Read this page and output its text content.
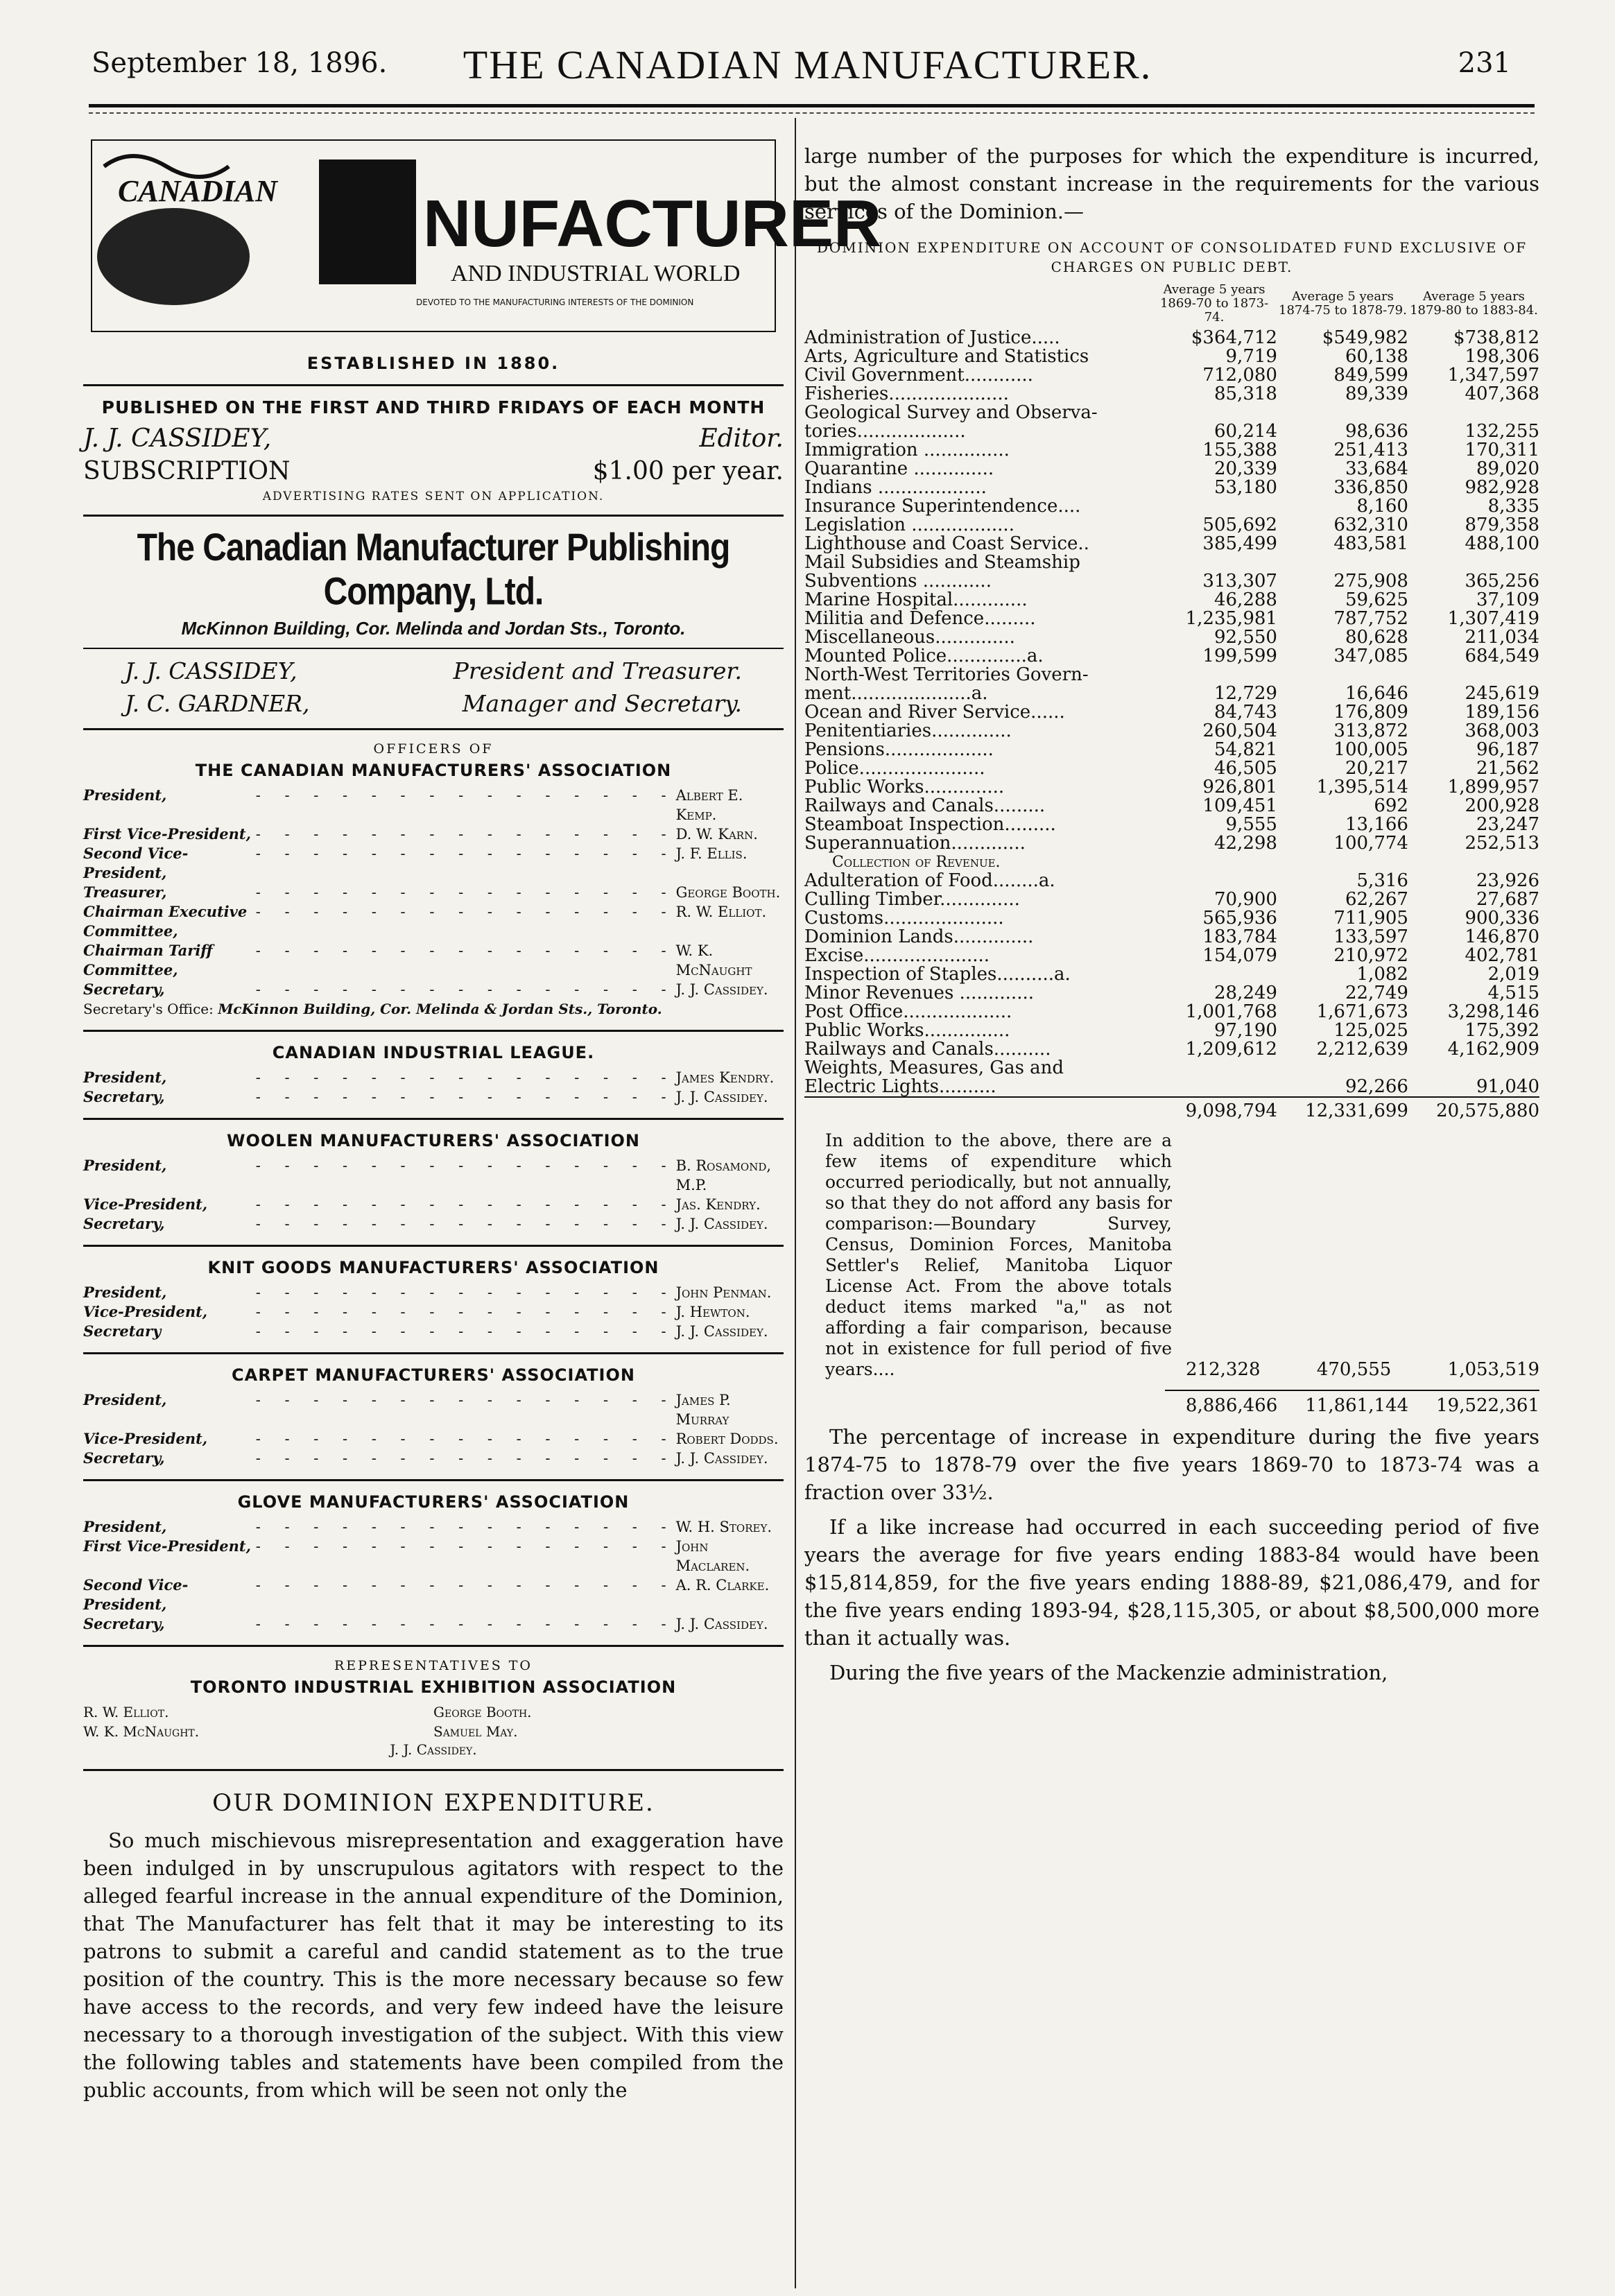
September 18, 1896.	THE CANADIAN MANUFACTURER.	231
CANADIAN NUFACTURER
AND INDUSTRIAL WORLD
DEVOTED TO THE MANUFACTURING INTERESTS OF THE DOMINION
ESTABLISHED IN 1880.
PUBLISHED ON THE FIRST AND THIRD FRIDAYS OF EACH MONTH
J. J. CASSIDEY,	Editor.
SUBSCRIPTION	$1.00 per year.
ADVERTISING RATES SENT ON APPLICATION.
The Canadian Manufacturer Publishing Company, Ltd.
McKinnon Building, Cor. Melinda and Jordan Sts., Toronto.
J. J. CASSIDEY,	President and Treasurer.
J. C. GARDNER,	Manager and Secretary.
OFFICERS OF
THE CANADIAN MANUFACTURERS' ASSOCIATION
President,	- - - - - - - - - - - - - - - Albert E. Kemp.
First Vice-President, - - - - - - - - - - - - - - - D. W. Karn.
Second Vice-President,
- - - - - - - - - - - - - - - J. F. Ellis.
Treasurer,	- - - - - - - - - - - - - - - George Booth.
Chairman Executive Committee,
- - - - - - - - - - - - - - - R. W. Elliot.
Chairman Tariff Committee,
- - - - - - - - - - - - - - - W. K. McNaught
Secretary,	- - - - - - - - - - - - - - - J. J. Cassidey.
Secretary's Office: McKinnon Building, Cor. Melinda & Jordan Sts., Toronto.
CANADIAN INDUSTRIAL LEAGUE.
President,	- - - - - - - - - - - - - - - James Kendry.
Secretary,	- - - - - - - - - - - - - - - J. J. Cassidey.
WOOLEN MANUFACTURERS' ASSOCIATION
President,	- - - - - - - - - - - - - - - B. Rosamond, M.P.
Vice-President,	- - - - - - - - - - - - - - - Jas. Kendry.
Secretary,	- - - - - - - - - - - - - - - J. J. Cassidey.
KNIT GOODS MANUFACTURERS' ASSOCIATION
President,	- - - - - - - - - - - - - - - John Penman.
Vice-President,	- - - - - - - - - - - - - - - J. Hewton.
Secretary	- - - - - - - - - - - - - - - J. J. Cassidey.
CARPET MANUFACTURERS' ASSOCIATION
President,	- - - - - - - - - - - - - - - James P. Murray
Vice-President,	- - - - - - - - - - - - - - - Robert Dodds.
Secretary,	- - - - - - - - - - - - - - - J. J. Cassidey.
GLOVE MANUFACTURERS' ASSOCIATION
President,	- - - - - - - - - - - - - - - W. H. Storey.
First Vice-President, - - - - - - - - - - - - - - - John Maclaren.
Second Vice-President,
- - - - - - - - - - - - - - - A. R. Clarke.
Secretary,	- - - - - - - - - - - - - - - J. J. Cassidey.
REPRESENTATIVES TO
TORONTO INDUSTRIAL EXHIBITION ASSOCIATION
R. W. Elliot.	George Booth.
W. K. McNaught.	Samuel May.
J. J. Cassidey.
OUR DOMINION EXPENDITURE.
So much mischievous misrepresentation and exaggeration have been indulged in by unscrupulous agitators with respect to the alleged fearful increase in the annual expenditure of the Dominion, that The Manufacturer has felt that it may be interesting to its patrons to submit a careful and candid statement as to the true position of the country. This is the more necessary because so few have access to the records, and very few indeed have the leisure necessary to a thorough investigation of the subject. With this view the following tables and statements have been compiled from the public accounts, from which will be seen not only the
large number of the purposes for which the expenditure is incurred, but the almost constant increase in the requirements for the various services of the Dominion.—
DOMINION EXPENDITURE ON ACCOUNT OF CONSOLIDATED FUND EXCLUSIVE OF CHARGES ON PUBLIC DEBT.
	Average 5 years 1869-70 to 1873-74.	Average 5 years 1874-75 to 1878-79.	Average 5 years 1879-80 to 1883-84.
Administration of Justice.....	$364,712	$549,982	$738,812
Arts, Agriculture and Statistics	9,719	60,138	198,306
Civil Government............	712,080	849,599	1,347,597
Fisheries.....................	85,318	89,339	407,368
Geological Survey and Observa-			
tories...................	60,214	98,636	132,255
Immigration ...............	155,388	251,413	170,311
Quarantine ..............	20,339	33,684	89,020
Indians ...................	53,180	336,850	982,928
Insurance Superintendence....		8,160	8,335
Legislation ..................	505,692	632,310	879,358
Lighthouse and Coast Service..	385,499	483,581	488,100
Mail Subsidies and Steamship			
Subventions ............	313,307	275,908	365,256
Marine Hospital.............	46,288	59,625	37,109
Militia and Defence.........	1,235,981	787,752	1,307,419
Miscellaneous..............	92,550	80,628	211,034
Mounted Police..............a.	199,599	347,085	684,549
North-West Territories Govern-			
ment.....................a.	12,729	16,646	245,619
Ocean and River Service......	84,743	176,809	189,156
Penitentiaries..............	260,504	313,872	368,003
Pensions...................	54,821	100,005	96,187
Police......................	46,505	20,217	21,562
Public Works..............	926,801	1,395,514	1,899,957
Railways and Canals.........	109,451	692	200,928
Steamboat Inspection.........	9,555	13,166	23,247
Superannuation.............	42,298	100,774	252,513
Collection of Revenue.			
Adulteration of Food........a.		5,316	23,926
Culling Timber..............	70,900	62,267	27,687
Customs.....................	565,936	711,905	900,336
Dominion Lands..............	183,784	133,597	146,870
Excise......................	154,079	210,972	402,781
Inspection of Staples..........a.		1,082	2,019
Minor Revenues .............	28,249	22,749	4,515
Post Office...................	1,001,768	1,671,673	3,298,146
Public Works...............	97,190	125,025	175,392
Railways and Canals..........	1,209,612	2,212,639	4,162,909
Weights, Measures, Gas and			
Electric Lights..........		92,266	91,040
	9,098,794	12,331,699	20,575,880
In addition to the above, there are a few items of expenditure which occurred periodically, but not annually, so that they do not afford any basis for comparison:—Boundary Survey, Census, Dominion Forces, Manitoba Settler's Relief, Manitoba Liquor License Act. From the above totals deduct items marked "a," as not affording a fair comparison, because not in existence for full period of five years....	212,328	470,555	1,053,519
8,886,466 11,861,144 19,522,361
The percentage of increase in expenditure during the five years 1874-75 to 1878-79 over the five years 1869-70 to 1873-74 was a fraction over 33½.
If a like increase had occurred in each succeeding period of five years the average for five years ending 1883-84 would have been $15,814,859, for the five years ending 1888-89, $21,086,479, and for the five years ending 1893-94, $28,115,305, or about $8,500,000 more than it actually was.
During the five years of the Mackenzie administration,
